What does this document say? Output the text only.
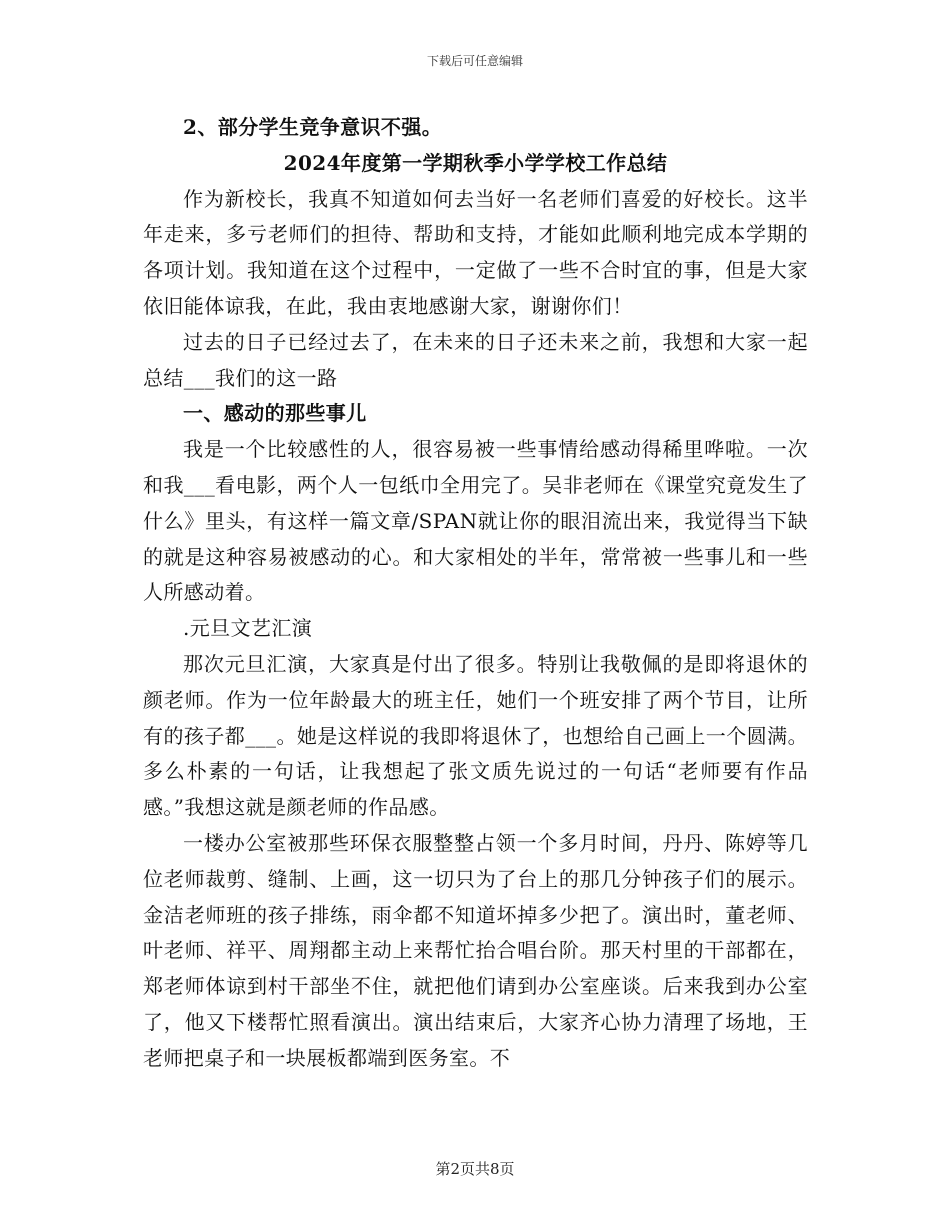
下载后可任意编辑

2、部分学生竞争意识不强。

2024年度第一学期秋季小学学校工作总结

作为新校长，我真不知道如何去当好一名老师们喜爱的好校长。这半年走来，多亏老师们的担待、帮助和支持，才能如此顺利地完成本学期的各项计划。我知道在这个过程中，一定做了一些不合时宜的事，但是大家依旧能体谅我，在此，我由衷地感谢大家，谢谢你们！

过去的日子已经过去了，在未来的日子还未来之前，我想和大家一起总结___我们的这一路

一、感动的那些事儿

我是一个比较感性的人，很容易被一些事情给感动得稀里哗啦。一次和我___看电影，两个人一包纸巾全用完了。吴非老师在《课堂究竟发生了什么》里头，有这样一篇文章/SPAN就让你的眼泪流出来，我觉得当下缺的就是这种容易被感动的心。和大家相处的半年，常常被一些事儿和一些人所感动着。

.元旦文艺汇演

那次元旦汇演，大家真是付出了很多。特别让我敬佩的是即将退休的颜老师。作为一位年龄最大的班主任，她们一个班安排了两个节目，让所有的孩子都___。她是这样说的我即将退休了，也想给自己画上一个圆满。多么朴素的一句话，让我想起了张文质先说过的一句话“老师要有作品感。”我想这就是颜老师的作品感。

一楼办公室被那些环保衣服整整占领一个多月时间，丹丹、陈婷等几位老师裁剪、缝制、上画，这一切只为了台上的那几分钟孩子们的展示。金洁老师班的孩子排练，雨伞都不知道坏掉多少把了。演出时，董老师、叶老师、祥平、周翔都主动上来帮忙抬合唱台阶。那天村里的干部都在，郑老师体谅到村干部坐不住，就把他们请到办公室座谈。后来我到办公室了，他又下楼帮忙照看演出。演出结束后，大家齐心协力清理了场地，王老师把桌子和一块展板都端到医务室。不

第2页共8页
